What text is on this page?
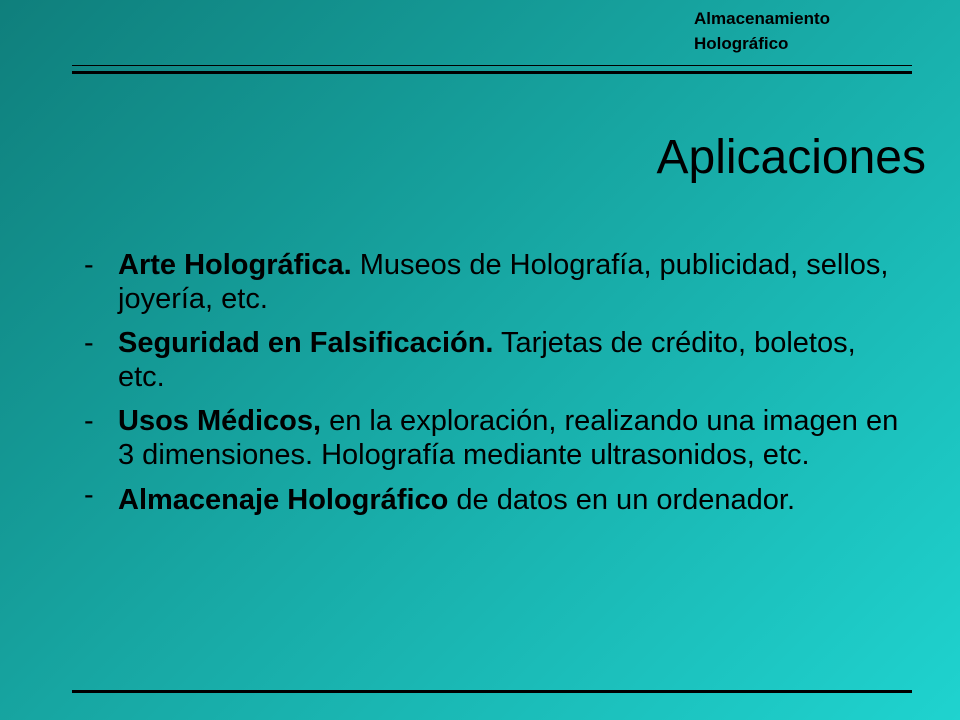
Almacenamiento
Holográfico
Aplicaciones
- Arte Holográfica. Museos de Holografía, publicidad, sellos, joyería, etc.
- Seguridad en Falsificación. Tarjetas de crédito, boletos, etc.
- Usos Médicos, en la exploración, realizando una imagen en 3 dimensiones. Holografía mediante ultrasonidos, etc.
- Almacenaje Holográfico de datos en un ordenador.
